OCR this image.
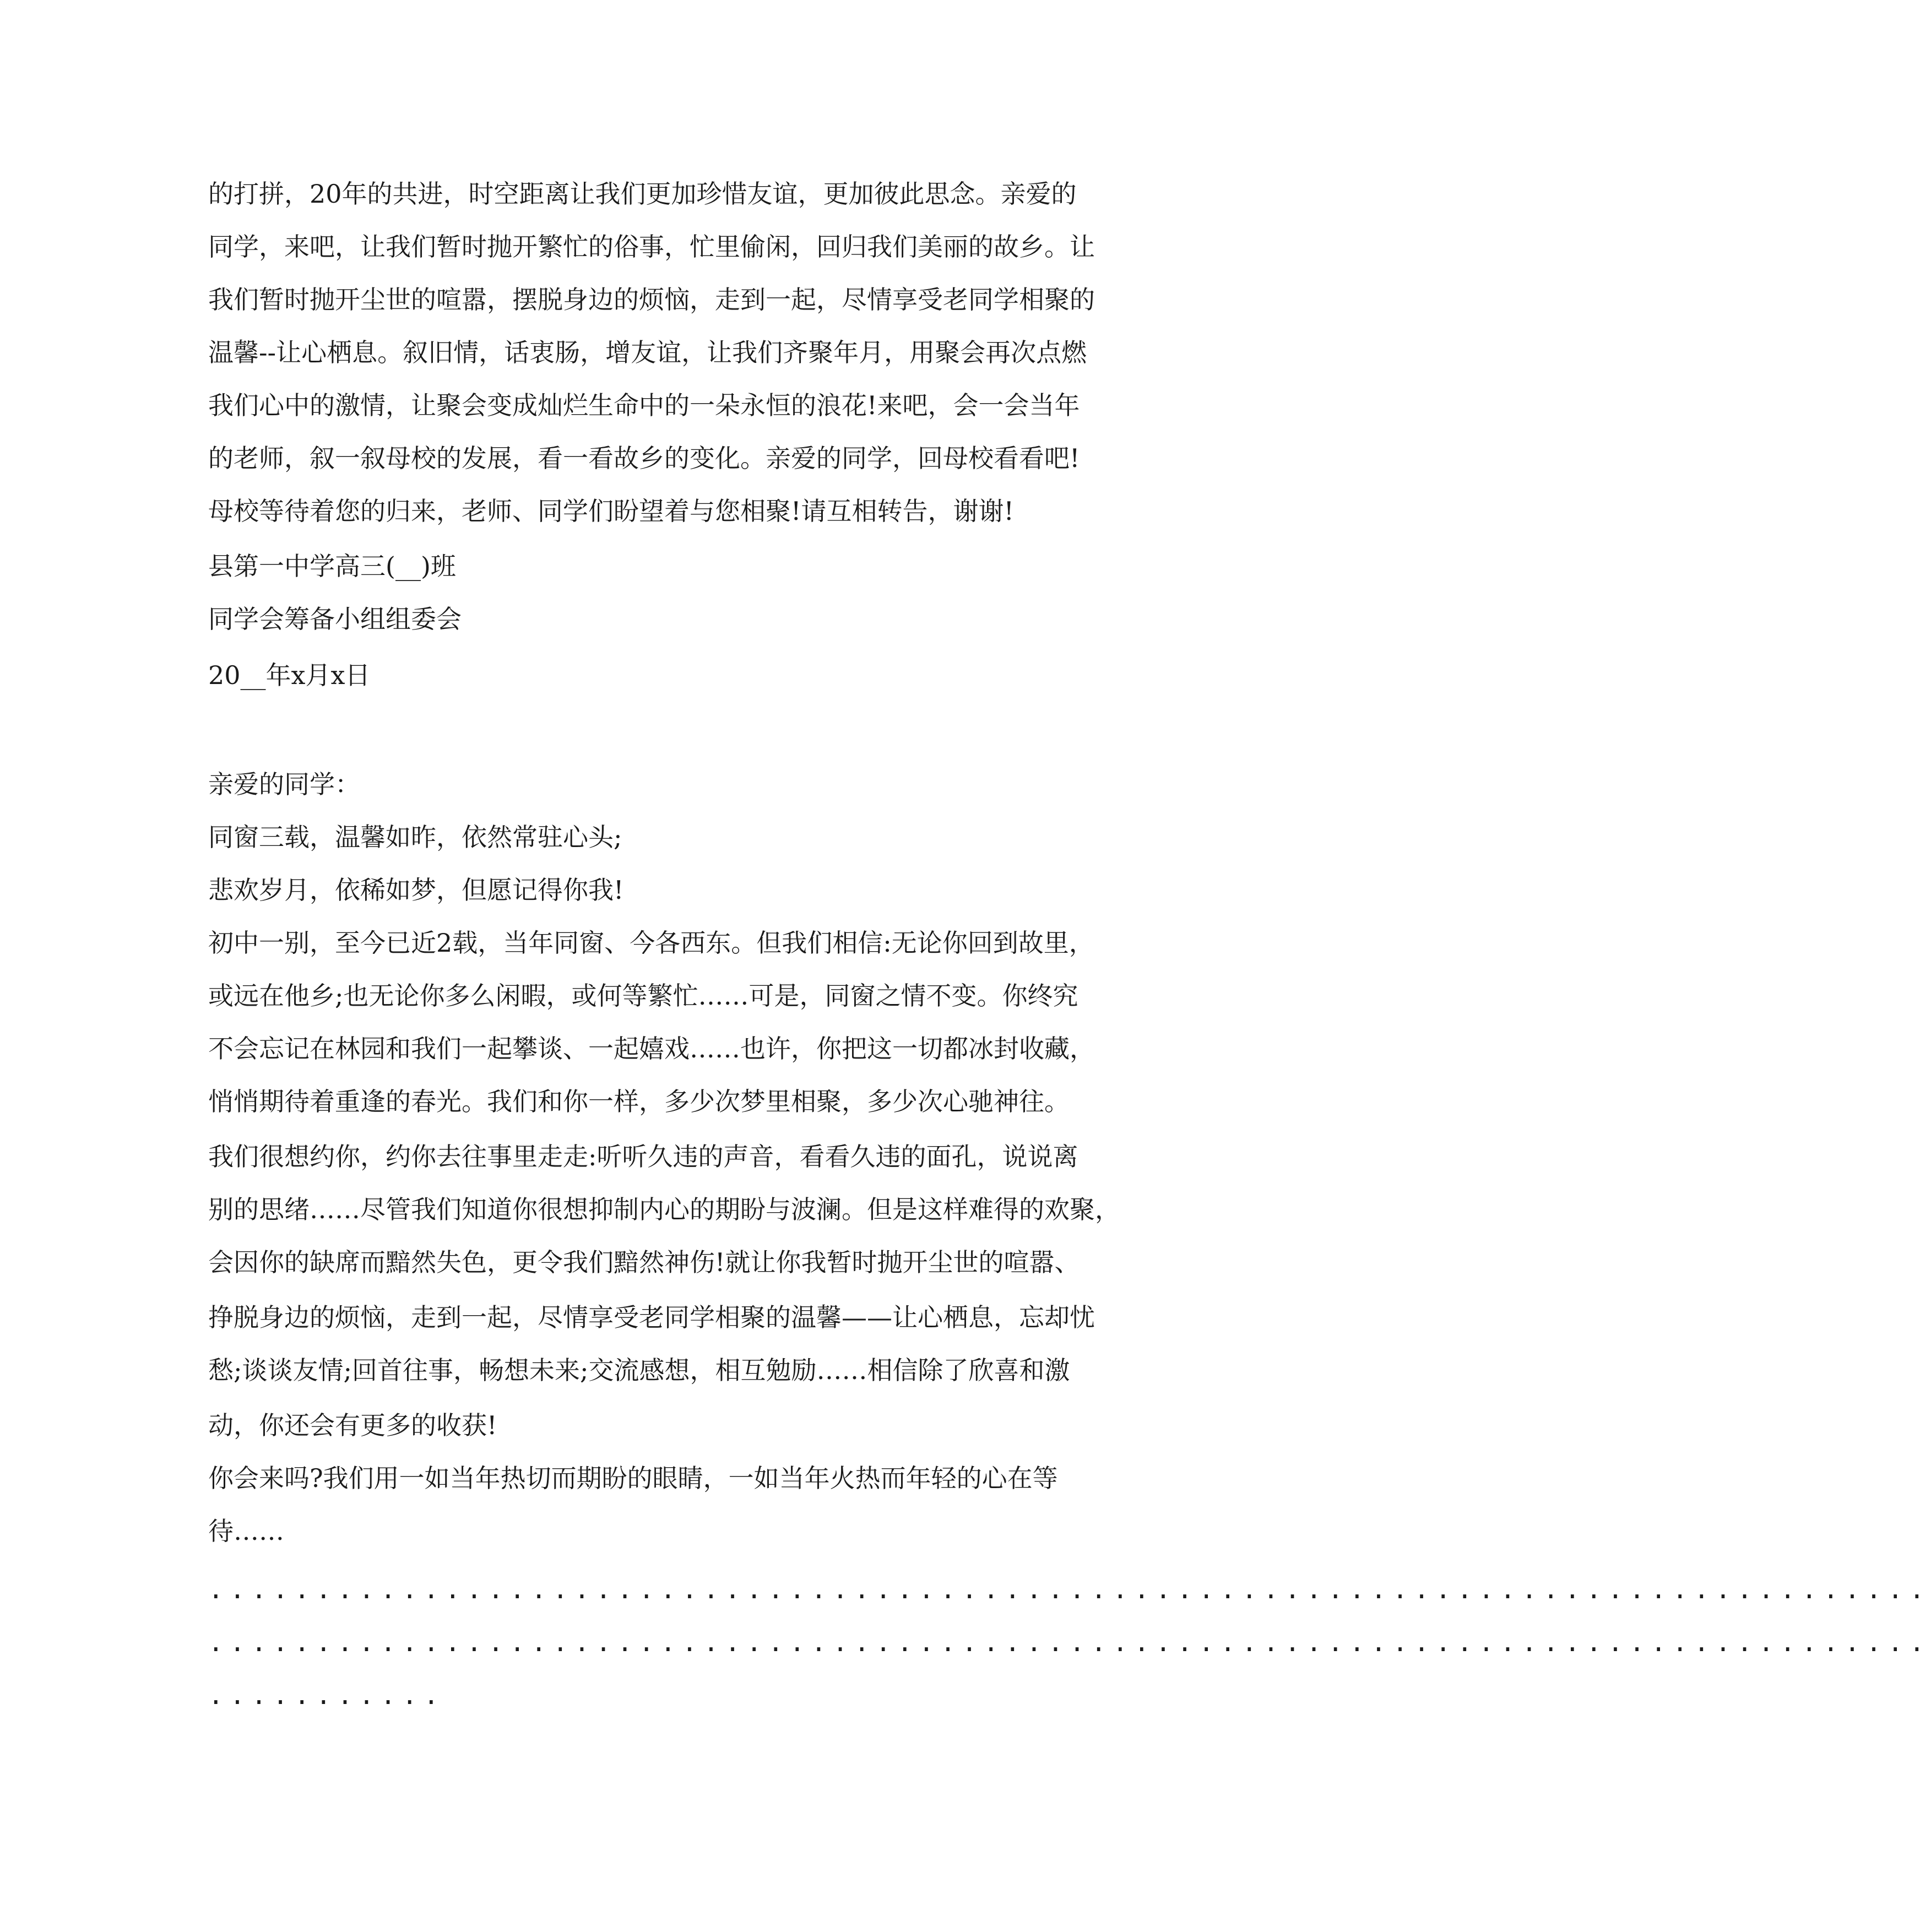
的打拼，20年的共进，时空距离让我们更加珍惜友谊，更加彼此思念。亲爱的
同学，来吧，让我们暂时抛开繁忙的俗事，忙里偷闲，回归我们美丽的故乡。让
我们暂时抛开尘世的喧嚣，摆脱身边的烦恼，走到一起，尽情享受老同学相聚的
温馨--让心栖息。叙旧情，话衷肠，增友谊，让我们齐聚年月，用聚会再次点燃
我们心中的激情，让聚会变成灿烂生命中的一朵永恒的浪花!来吧，会一会当年
的老师，叙一叙母校的发展，看一看故乡的变化。亲爱的同学，回母校看看吧!
母校等待着您的归来，老师、同学们盼望着与您相聚!请互相转告，谢谢!
县第一中学高三(__)班
同学会筹备小组组委会
20__年x月x日
亲爱的同学：
同窗三载，温馨如昨，依然常驻心头;
悲欢岁月，依稀如梦，但愿记得你我!
初中一别，至今已近2载，当年同窗、今各西东。但我们相信:无论你回到故里，
或远在他乡;也无论你多么闲暇，或何等繁忙……可是，同窗之情不变。你终究
不会忘记在林园和我们一起攀谈、一起嬉戏……也许，你把这一切都冰封收藏，
悄悄期待着重逢的春光。我们和你一样，多少次梦里相聚，多少次心驰神往。
我们很想约你，约你去往事里走走:听听久违的声音，看看久违的面孔，说说离
别的思绪……尽管我们知道你很想抑制内心的期盼与波澜。但是这样难得的欢聚，
会因你的缺席而黯然失色，更令我们黯然神伤!就让你我暂时抛开尘世的喧嚣、
挣脱身边的烦恼，走到一起，尽情享受老同学相聚的温馨——让心栖息，忘却忧
愁;谈谈友情;回首往事，畅想未来;交流感想，相互勉励……相信除了欣喜和激
动，你还会有更多的收获!
你会来吗?我们用一如当年热切而期盼的眼睛，一如当年火热而年轻的心在等
待……
................................................................................
................................................................................
...........
